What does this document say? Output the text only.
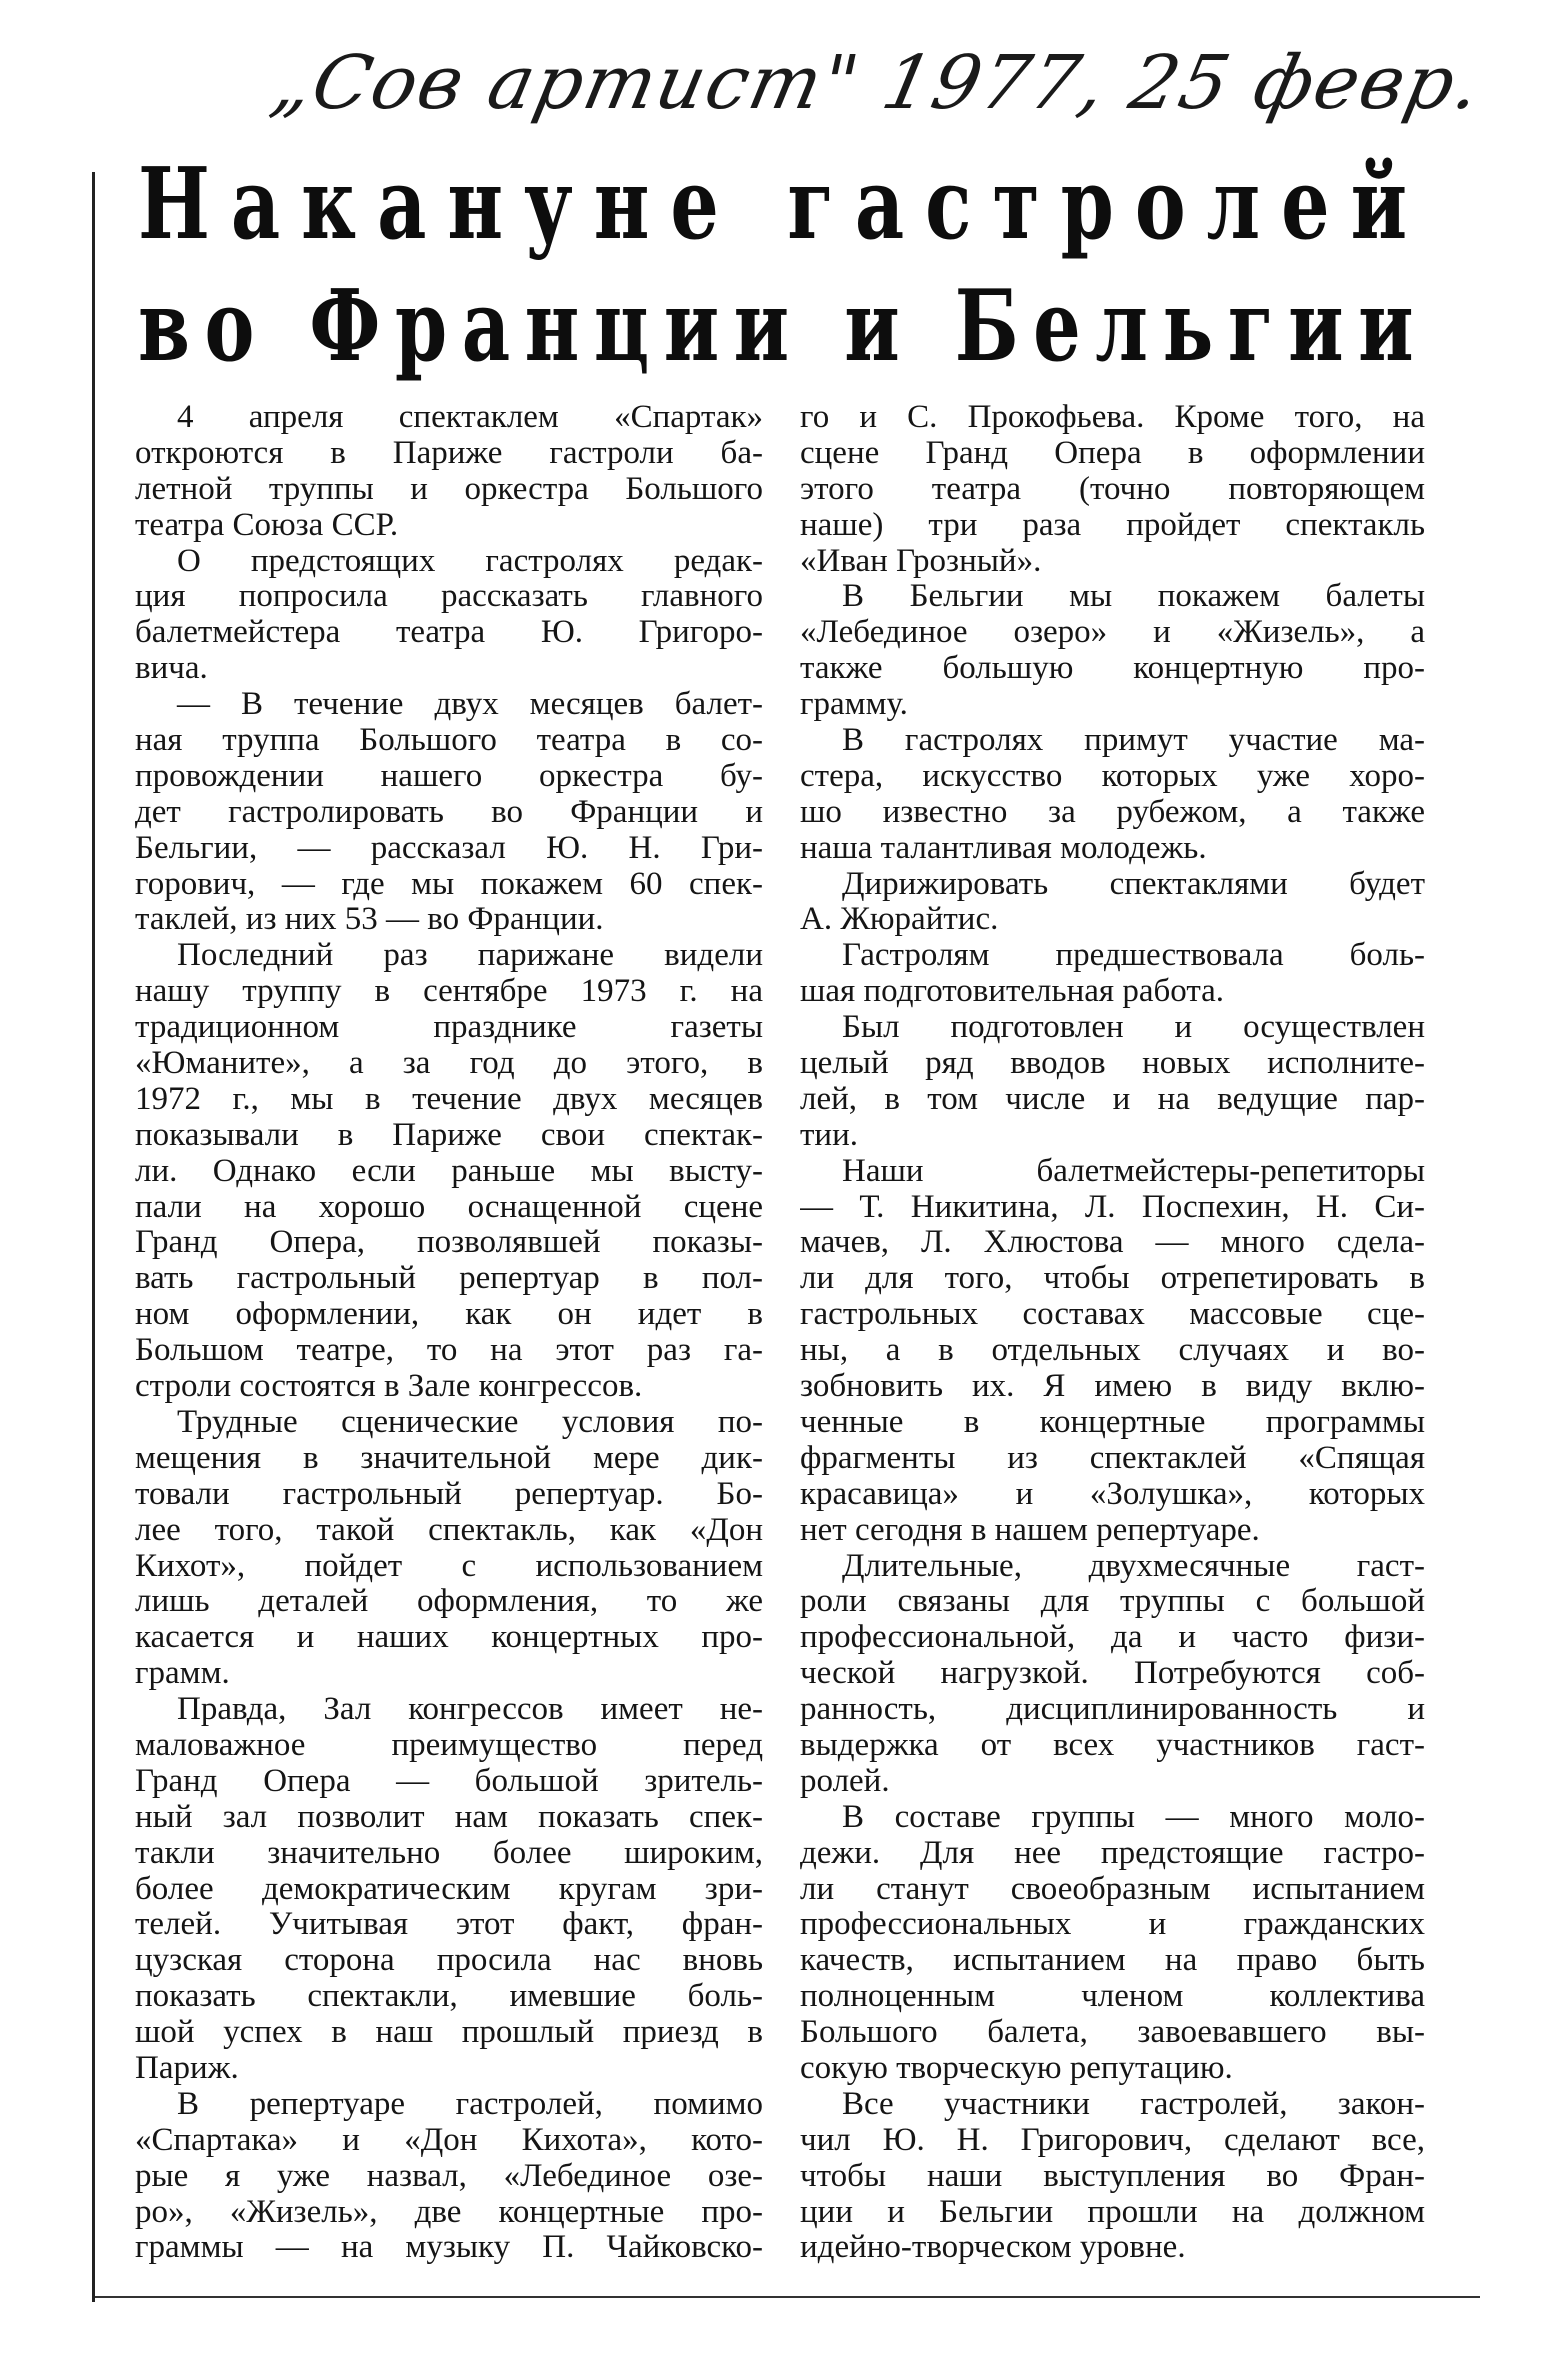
„Сов артист" 1977, 25 февр.
Накануне гастролей
во Франции и Бельгии
4 апреля спектаклем «Спартак»
откроются в Париже гастроли ба-
летной труппы и оркестра Большого
театра Союза ССР.
О предстоящих гастролях редак-
ция попросила рассказать главного
балетмейстера театра Ю. Григоро-
вича.
— В течение двух месяцев балет-
ная труппа Большого театра в со-
провождении нашего оркестра бу-
дет гастролировать во Франции и
Бельгии, — рассказал Ю. Н. Гри-
горович, — где мы покажем 60 спек-
таклей, из них 53 — во Франции.
Последний раз парижане видели
нашу труппу в сентябре 1973 г. на
традиционном празднике газеты
«Юманите», а за год до этого, в
1972 г., мы в течение двух месяцев
показывали в Париже свои спектак-
ли. Однако если раньше мы высту-
пали на хорошо оснащенной сцене
Гранд Опера, позволявшей показы-
вать гастрольный репертуар в пол-
ном оформлении, как он идет в
Большом театре, то на этот раз га-
строли состоятся в Зале конгрессов.
Трудные сценические условия по-
мещения в значительной мере дик-
товали гастрольный репертуар. Бо-
лее того, такой спектакль, как «Дон
Кихот», пойдет с использованием
лишь деталей оформления, то же
касается и наших концертных про-
грамм.
Правда, Зал конгрессов имеет не-
маловажное преимущество перед
Гранд Опера — большой зритель-
ный зал позволит нам показать спек-
такли значительно более широким,
более демократическим кругам зри-
телей. Учитывая этот факт, фран-
цузская сторона просила нас вновь
показать спектакли, имевшие боль-
шой успех в наш прошлый приезд в
Париж.
В репертуаре гастролей, помимо
«Спартака» и «Дон Кихота», кото-
рые я уже назвал, «Лебединое озе-
ро», «Жизель», две концертные про-
граммы — на музыку П. Чайковско-
го и С. Прокофьева. Кроме того, на
сцене Гранд Опера в оформлении
этого театра (точно повторяющем
наше) три раза пройдет спектакль
«Иван Грозный».
В Бельгии мы покажем балеты
«Лебединое озеро» и «Жизель», а
также большую концертную про-
грамму.
В гастролях примут участие ма-
стера, искусство которых уже хоро-
шо известно за рубежом, а также
наша талантливая молодежь.
Дирижировать спектаклями будет
А. Жюрайтис.
Гастролям предшествовала боль-
шая подготовительная работа.
Был подготовлен и осуществлен
целый ряд вводов новых исполните-
лей, в том числе и на ведущие пар-
тии.
Наши балетмейстеры-репетиторы
— Т. Никитина, Л. Поспехин, Н. Си-
мачев, Л. Хлюстова — много сдела-
ли для того, чтобы отрепетировать в
гастрольных составах массовые сце-
ны, а в отдельных случаях и во-
зобновить их. Я имею в виду вклю-
ченные в концертные программы
фрагменты из спектаклей «Спящая
красавица» и «Золушка», которых
нет сегодня в нашем репертуаре.
Длительные, двухмесячные гаст-
роли связаны для труппы с большой
профессиональной, да и часто физи-
ческой нагрузкой. Потребуются соб-
ранность, дисциплинированность и
выдержка от всех участников гаст-
ролей.
В составе группы — много моло-
дежи. Для нее предстоящие гастро-
ли станут своеобразным испытанием
профессиональных и гражданских
качеств, испытанием на право быть
полноценным членом коллектива
Большого балета, завоевавшего вы-
сокую творческую репутацию.
Все участники гастролей, закон-
чил Ю. Н. Григорович, сделают все,
чтобы наши выступления во Фран-
ции и Бельгии прошли на должном
идейно-творческом уровне.
